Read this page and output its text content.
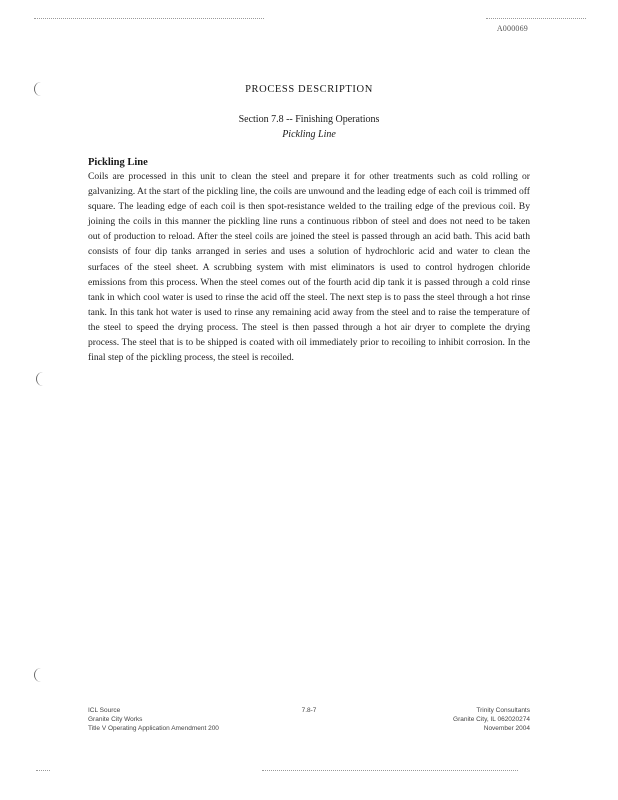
A000069
PROCESS DESCRIPTION
Section 7.8 -- Finishing Operations
Pickling Line
Pickling Line

Coils are processed in this unit to clean the steel and prepare it for other treatments such as cold rolling or galvanizing. At the start of the pickling line, the coils are unwound and the leading edge of each coil is trimmed off square. The leading edge of each coil is then spot-resistance welded to the trailing edge of the previous coil. By joining the coils in this manner the pickling line runs a continuous ribbon of steel and does not need to be taken out of production to reload. After the steel coils are joined the steel is passed through an acid bath. This acid bath consists of four dip tanks arranged in series and uses a solution of hydrochloric acid and water to clean the surfaces of the steel sheet. A scrubbing system with mist eliminators is used to control hydrogen chloride emissions from this process. When the steel comes out of the fourth acid dip tank it is passed through a cold rinse tank in which cool water is used to rinse the acid off the steel. The next step is to pass the steel through a hot rinse tank. In this tank hot water is used to rinse any remaining acid away from the steel and to raise the temperature of the steel to speed the drying process. The steel is then passed through a hot air dryer to complete the drying process. The steel that is to be shipped is coated with oil immediately prior to recoiling to inhibit corrosion. In the final step of the pickling process, the steel is recoiled.

ICL Source
Granite City Works
Title V Operating Application Amendment 200
7.8-7	Trinity Consultants
Granite City, IL 062020274
November 2004
